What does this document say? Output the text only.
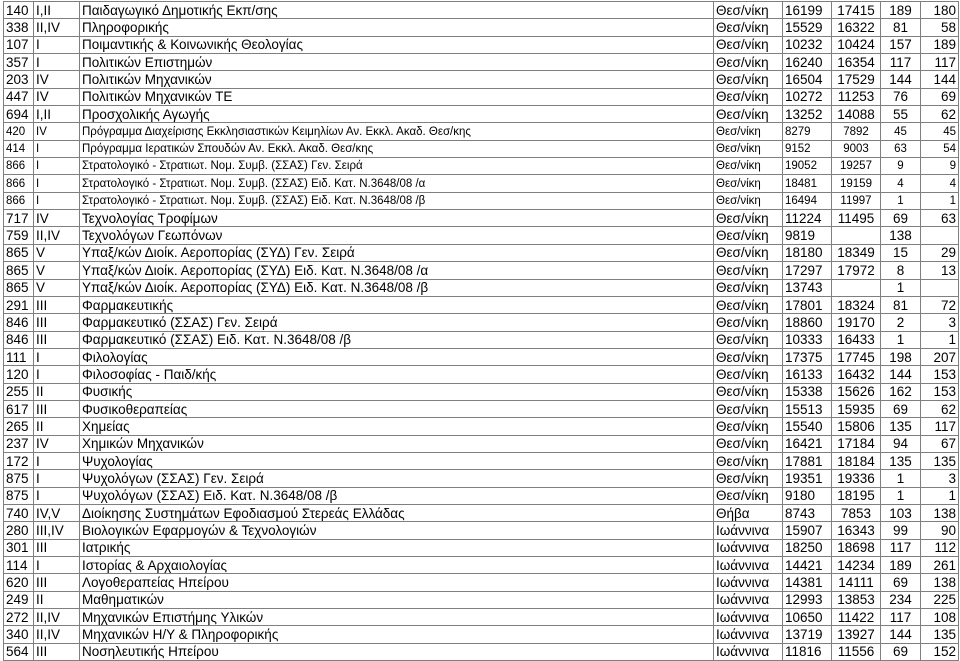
140	I,II	Παιδαγωγικό Δημοτικής Εκπ/σης	Θεσ/νίκη	16199	17415	189	180
338	II,IV	Πληροφορικής	Θεσ/νίκη	15529	16322	81	58
107	I	Ποιμαντικής & Κοινωνικής Θεολογίας	Θεσ/νίκη	10232	10424	157	189
357	I	Πολιτικών Επιστημών	Θεσ/νίκη	16240	16354	117	117
203	IV	Πολιτικών Μηχανικών	Θεσ/νίκη	16504	17529	144	144
447	IV	Πολιτικών Μηχανικών ΤΕ	Θεσ/νίκη	10272	11253	76	69
694	I,II	Προσχολικής Αγωγής	Θεσ/νίκη	13252	14088	55	62
420	IV	Πρόγραμμα Διαχείρισης Εκκλησιαστικών Κειμηλίων Αν. Εκκλ. Ακαδ. Θεσ/κης	Θεσ/νίκη	8279	7892	45	45
414	I	Πρόγραμμα Ιερατικών Σπουδών Αν. Εκκλ. Ακαδ. Θεσ/κης	Θεσ/νίκη	9152	9003	63	54
866	I	Στρατολογικό - Στρατιωτ. Νομ. Συμβ. (ΣΣΑΣ) Γεν. Σειρά	Θεσ/νίκη	19052	19257	9	9
866	I	Στρατολογικό - Στρατιωτ. Νομ. Συμβ. (ΣΣΑΣ) Ειδ. Κατ. Ν.3648/08 /α	Θεσ/νίκη	18481	19159	4	4
866	I	Στρατολογικό - Στρατιωτ. Νομ. Συμβ. (ΣΣΑΣ) Ειδ. Κατ. Ν.3648/08 /β	Θεσ/νίκη	16494	11997	1	1
717	IV	Τεχνολογίας Τροφίμων	Θεσ/νίκη	11224	11495	69	63
759	II,IV	Τεχνολόγων Γεωπόνων	Θεσ/νίκη	9819		138	
865	V	Υπαξ/κών Διοίκ. Αεροπορίας (ΣΥΔ) Γεν. Σειρά	Θεσ/νίκη	18180	18349	15	29
865	V	Υπαξ/κών Διοίκ. Αεροπορίας (ΣΥΔ) Ειδ. Κατ. Ν.3648/08 /α	Θεσ/νίκη	17297	17972	8	13
865	V	Υπαξ/κών Διοίκ. Αεροπορίας (ΣΥΔ) Ειδ. Κατ. Ν.3648/08 /β	Θεσ/νίκη	13743		1	
291	III	Φαρμακευτικής	Θεσ/νίκη	17801	18324	81	72
846	III	Φαρμακευτικό (ΣΣΑΣ) Γεν. Σειρά	Θεσ/νίκη	18860	19170	2	3
846	III	Φαρμακευτικό (ΣΣΑΣ) Ειδ. Κατ. Ν.3648/08 /β	Θεσ/νίκη	10333	16433	1	1
111	I	Φιλολογίας	Θεσ/νίκη	17375	17745	198	207
120	I	Φιλοσοφίας - Παιδ/κής	Θεσ/νίκη	16133	16432	144	153
255	II	Φυσικής	Θεσ/νίκη	15338	15626	162	153
617	III	Φυσικοθεραπείας	Θεσ/νίκη	15513	15935	69	62
265	II	Χημείας	Θεσ/νίκη	15540	15806	135	117
237	IV	Χημικών Μηχανικών	Θεσ/νίκη	16421	17184	94	67
172	I	Ψυχολογίας	Θεσ/νίκη	17881	18184	135	135
875	I	Ψυχολόγων (ΣΣΑΣ) Γεν. Σειρά	Θεσ/νίκη	19351	19336	1	3
875	I	Ψυχολόγων (ΣΣΑΣ) Ειδ. Κατ. Ν.3648/08 /β	Θεσ/νίκη	9180	18195	1	1
740	IV,V	Διοίκησης Συστημάτων Εφοδιασμού Στερεάς Ελλάδας	Θήβα	8743	7853	103	138
280	III,IV	Βιολογικών Εφαρμογών & Τεχνολογιών	Ιωάννινα	15907	16343	99	90
301	III	Ιατρικής	Ιωάννινα	18250	18698	117	112
114	I	Ιστορίας & Αρχαιολογίας	Ιωάννινα	14421	14234	189	261
620	III	Λογοθεραπείας Ηπείρου	Ιωάννινα	14381	14111	69	138
249	II	Μαθηματικών	Ιωάννινα	12993	13853	234	225
272	II,IV	Μηχανικών Επιστήμης Υλικών	Ιωάννινα	10650	11422	117	108
340	II,IV	Μηχανικών Η/Υ & Πληροφορικής	Ιωάννινα	13719	13927	144	135
564	III	Νοσηλευτικής Ηπείρου	Ιωάννινα	11816	11556	69	152
